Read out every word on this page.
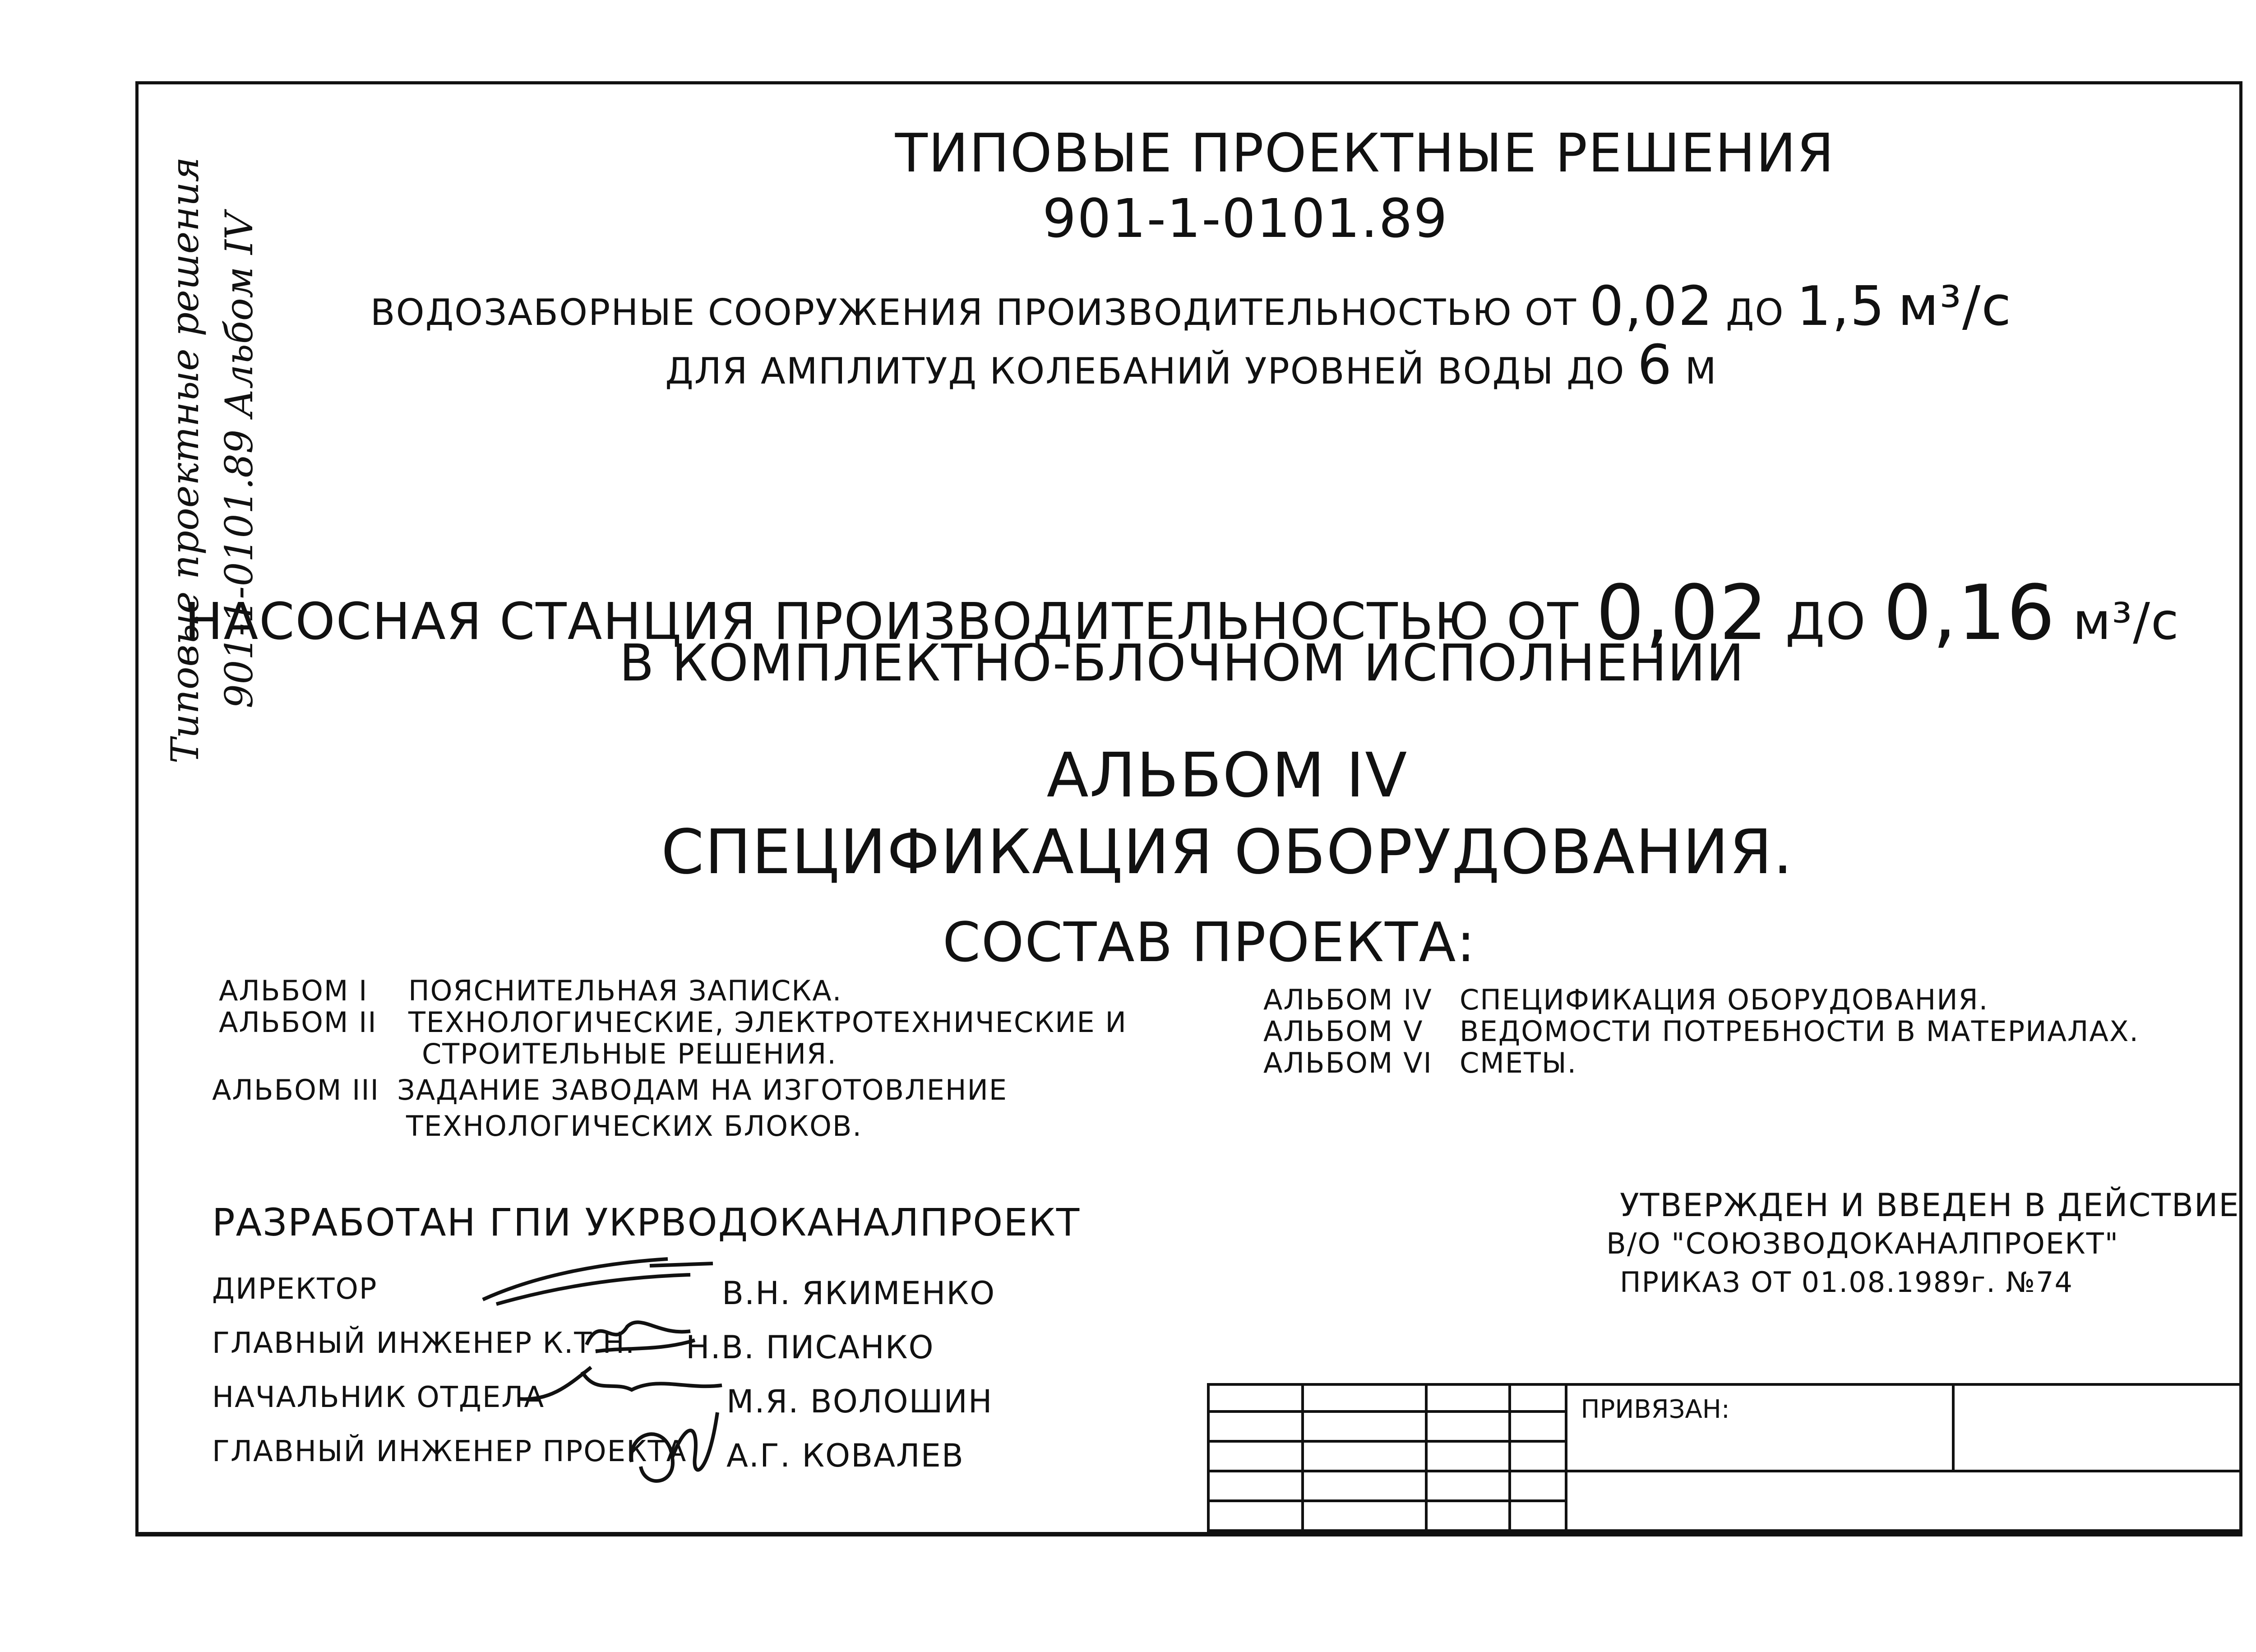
Типовые проектные решения 901-1-0101.89 Альбом IV
ТИПОВЫЕ ПРОЕКТНЫЕ РЕШЕНИЯ
901-1-0101.89
ВОДОЗАБОРНЫЕ СООРУЖЕНИЯ ПРОИЗВОДИТЕЛЬНОСТЬЮ ОТ 0,02 ДО 1,5 м³/с
ДЛЯ АМПЛИТУД КОЛЕБАНИЙ УРОВНЕЙ ВОДЫ ДО 6 М
НАСОСНАЯ СТАНЦИЯ ПРОИЗВОДИТЕЛЬНОСТЬЮ ОТ 0,02 ДО 0,16 м³/с
В КОМПЛЕКТНО-БЛОЧНОМ ИСПОЛНЕНИИ
АЛЬБОМ IV
СПЕЦИФИКАЦИЯ ОБОРУДОВАНИЯ.
СОСТАВ ПРОЕКТА:
АЛЬБОМ I ПОЯСНИТЕЛЬНАЯ ЗАПИСКА.
АЛЬБОМ II ТЕХНОЛОГИЧЕСКИЕ, ЭЛЕКТРОТЕХНИЧЕСКИЕ И
СТРОИТЕЛЬНЫЕ РЕШЕНИЯ.
АЛЬБОМ III ЗАДАНИЕ ЗАВОДАМ НА ИЗГОТОВЛЕНИЕ
ТЕХНОЛОГИЧЕСКИХ БЛОКОВ.
АЛЬБОМ IV СПЕЦИФИКАЦИЯ ОБОРУДОВАНИЯ.
АЛЬБОМ V ВЕДОМОСТИ ПОТРЕБНОСТИ В МАТЕРИАЛАХ.
АЛЬБОМ VI СМЕТЫ.
РАЗРАБОТАН ГПИ УКРВОДОКАНАЛПРОЕКТ
ДИРЕКТОР	В.Н. ЯКИМЕНКО
ГЛАВНЫЙ ИНЖЕНЕР К.Т.Н. Н.В. ПИСАНКО
НАЧАЛЬНИК ОТДЕЛА	М.Я. ВОЛОШИН
ГЛАВНЫЙ ИНЖЕНЕР ПРОЕКТА А.Г. КОВАЛЕВ
УТВЕРЖДЕН И ВВЕДЕН В ДЕЙСТВИЕ
В/О "СОЮЗВОДОКАНАЛПРОЕКТ"
ПРИКАЗ ОТ 01.08.1989г. №74
				ПРИВЯЗАН:	
